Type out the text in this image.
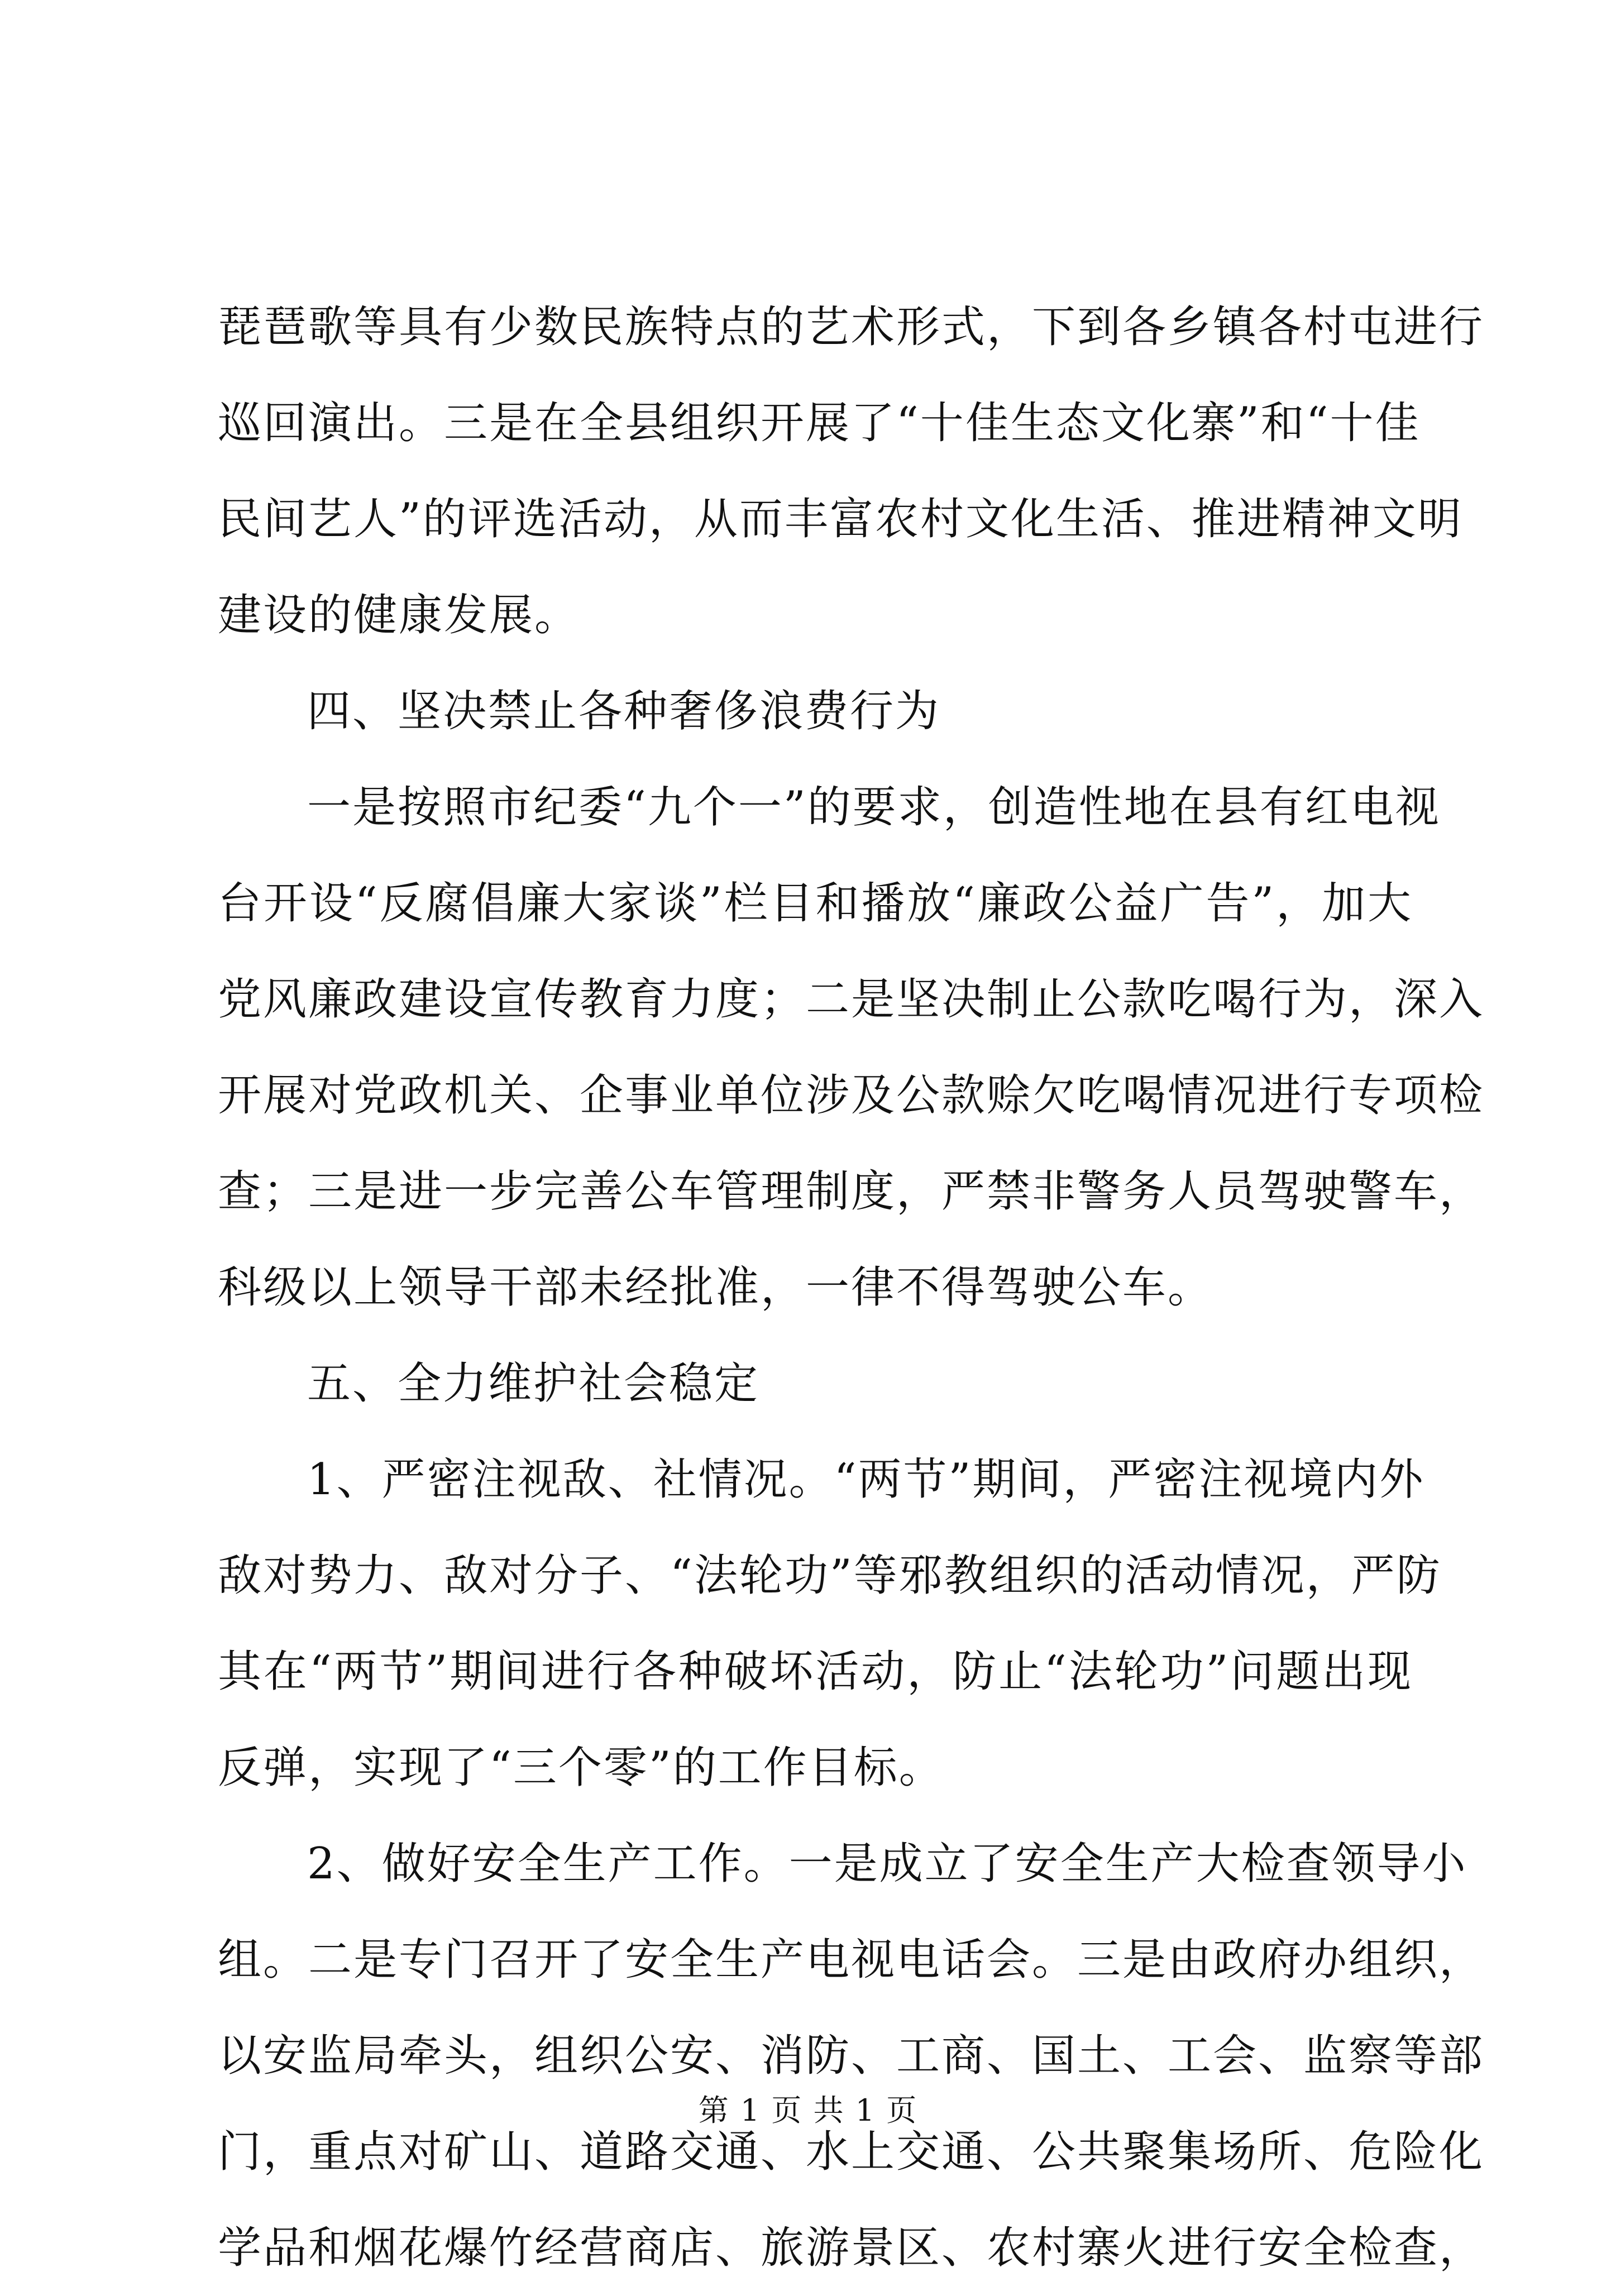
琵琶歌等具有少数民族特点的艺术形式，下到各乡镇各村屯进行
巡回演出。三是在全县组织开展了“十佳生态文化寨”和“十佳
民间艺人”的评选活动，从而丰富农村文化生活、推进精神文明
建设的健康发展。
四、坚决禁止各种奢侈浪费行为
一是按照市纪委“九个一”的要求，创造性地在县有红电视
台开设“反腐倡廉大家谈”栏目和播放“廉政公益广告”，加大
党风廉政建设宣传教育力度；二是坚决制止公款吃喝行为，深入
开展对党政机关、企事业单位涉及公款赊欠吃喝情况进行专项检
查；三是进一步完善公车管理制度，严禁非警务人员驾驶警车，
科级以上领导干部未经批准，一律不得驾驶公车。
五、全力维护社会稳定
1、严密注视敌、社情况。“两节”期间，严密注视境内外
敌对势力、敌对分子、“法轮功”等邪教组织的活动情况，严防
其在“两节”期间进行各种破坏活动，防止“法轮功”问题出现
反弹，实现了“三个零”的工作目标。
2、做好安全生产工作。一是成立了安全生产大检查领导小
组。二是专门召开了安全生产电视电话会。三是由政府办组织，
以安监局牵头，组织公安、消防、工商、国土、工会、监察等部
门，重点对矿山、道路交通、水上交通、公共聚集场所、危险化
学品和烟花爆竹经营商店、旅游景区、农村寨火进行安全检查，
第 1 页 共 1 页
